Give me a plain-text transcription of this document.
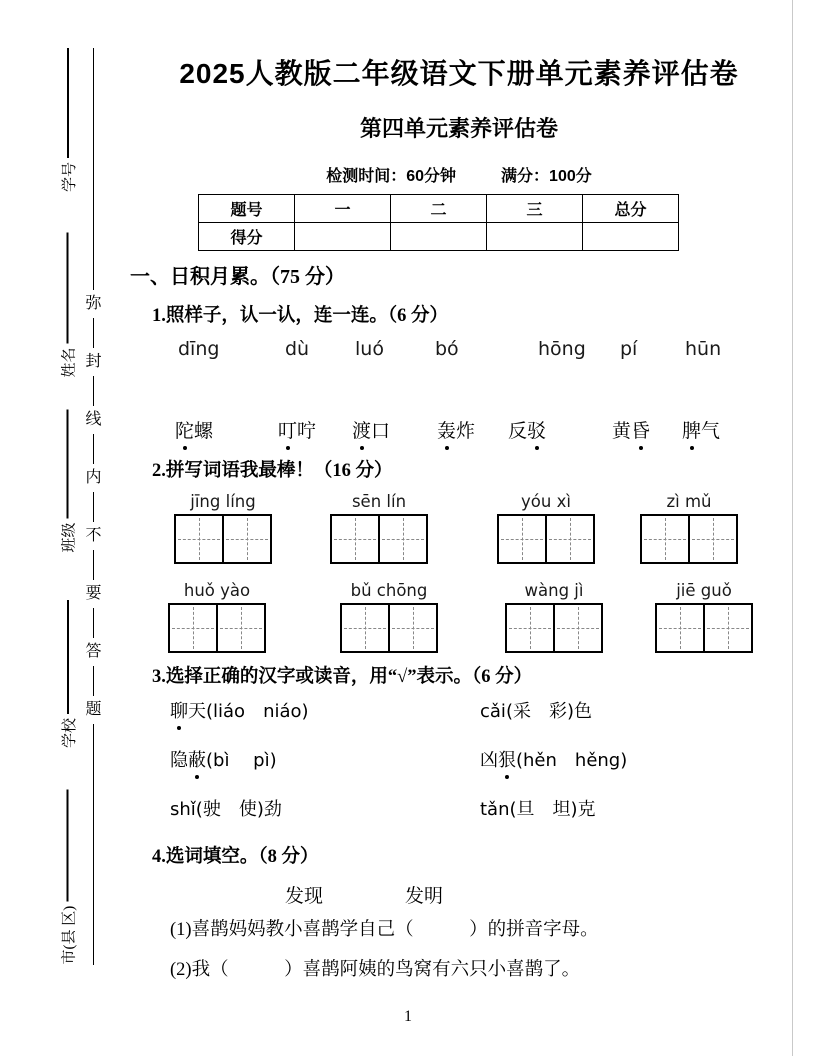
学号
姓名
班级
学校
市(县 区)
弥
封
线
内
不
要
答
题
2025人教版二年级语文下册单元素养评估卷
第四单元素养评估卷
检测时间：60分钟	满分：100分
题号	一	二	三	总分
得分				
一、日积月累。（75 分）
1.照样子，认一认，连一连。（6 分）
dīng	dù luó	bó	hōng pí	hūn
陀螺	叮咛 渡口 轰炸 反驳	黄昏 脾气
2.拼写词语我最棒！（16 分）
jīng líng	sēn lín	yóu xì	zì mǔ
huǒ yào	bǔ chōng	wàng jì	jiē guǒ
3.选择正确的汉字或读音，用“√”表示。（6 分）
聊天(liáo　niáo)	cǎi(采　彩)色
隐蔽(bì　 pì)	凶狠(hěn　hěng)
shǐ(驶　使)劲	tǎn(旦　坦)克
4.选词填空。（8 分）
发现	发明
(1)喜鹊妈妈教小喜鹊学自己（　　　）的拼音字母。
(2)我（　　　）喜鹊阿姨的鸟窝有六只小喜鹊了。
1
